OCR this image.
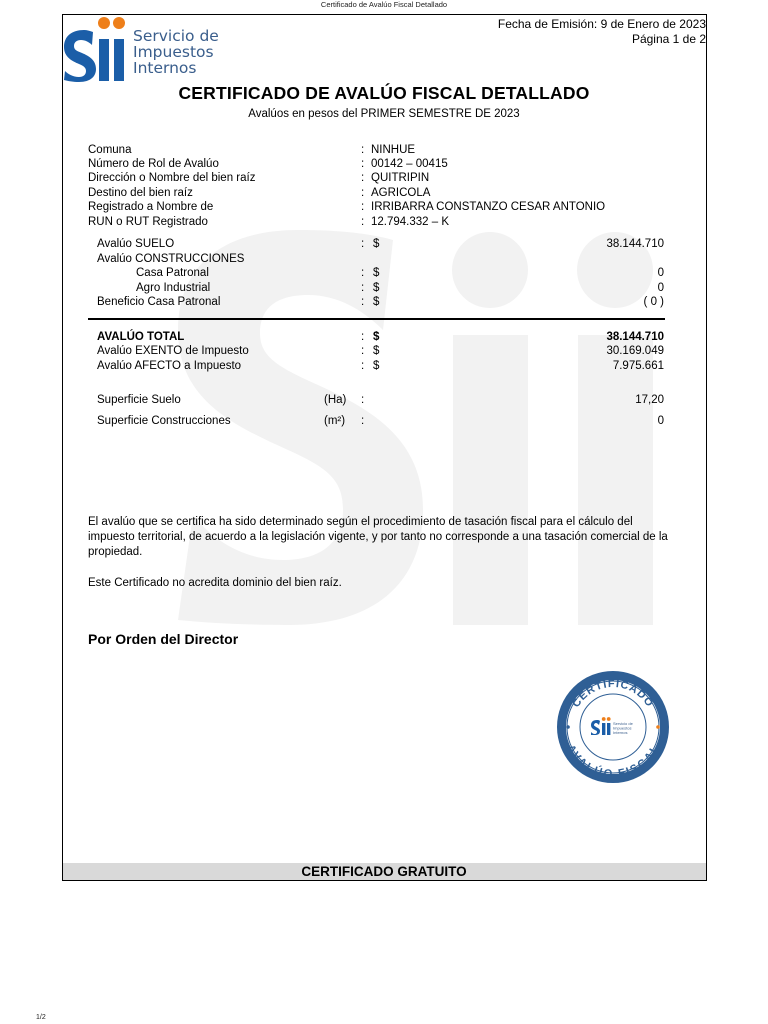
Certificado de Avalúo Fiscal Detallado
Servicio de
Impuestos
Internos
Fecha de Emisión: 9 de Enero de 2023
Página 1 de 2
CERTIFICADO DE AVALÚO FISCAL DETALLADO
Avalúos en pesos del PRIMER SEMESTRE DE 2023
Comuna	: NINHUE
Número de Rol de Avalúo	: 00142 – 00415
Dirección o Nombre del bien raíz	: QUITRIPIN
Destino del bien raíz	: AGRICOLA
Registrado a Nombre de	: IRRIBARRA CONSTANZO CESAR ANTONIO
RUN o RUT Registrado	: 12.794.332 – K
Avalúo SUELO	: $	38.144.710
Avalúo CONSTRUCCIONES
Casa Patronal	: $	0
Agro Industrial	: $	0
Beneficio Casa Patronal	: $	( 0 )
AVALÚO TOTAL	: $	38.144.710
Avalúo EXENTO de Impuesto	: $	30.169.049
Avalúo AFECTO a Impuesto	: $	7.975.661
Superficie Suelo	(Ha) :	17,20
Superficie Construcciones	(m²) :	0
El avalúo que se certifica ha sido determinado según el procedimiento de tasación fiscal para el cálculo del impuesto territorial, de acuerdo a la legislación vigente, y por tanto no corresponde a una tasación comercial de la propiedad.
Este Certificado no acredita dominio del bien raíz.
Por Orden del Director
CERTIFICADO
AVALÚO FISCAL
Servicio de
Impuestos
Internos
CERTIFICADO GRATUITO
1/2
